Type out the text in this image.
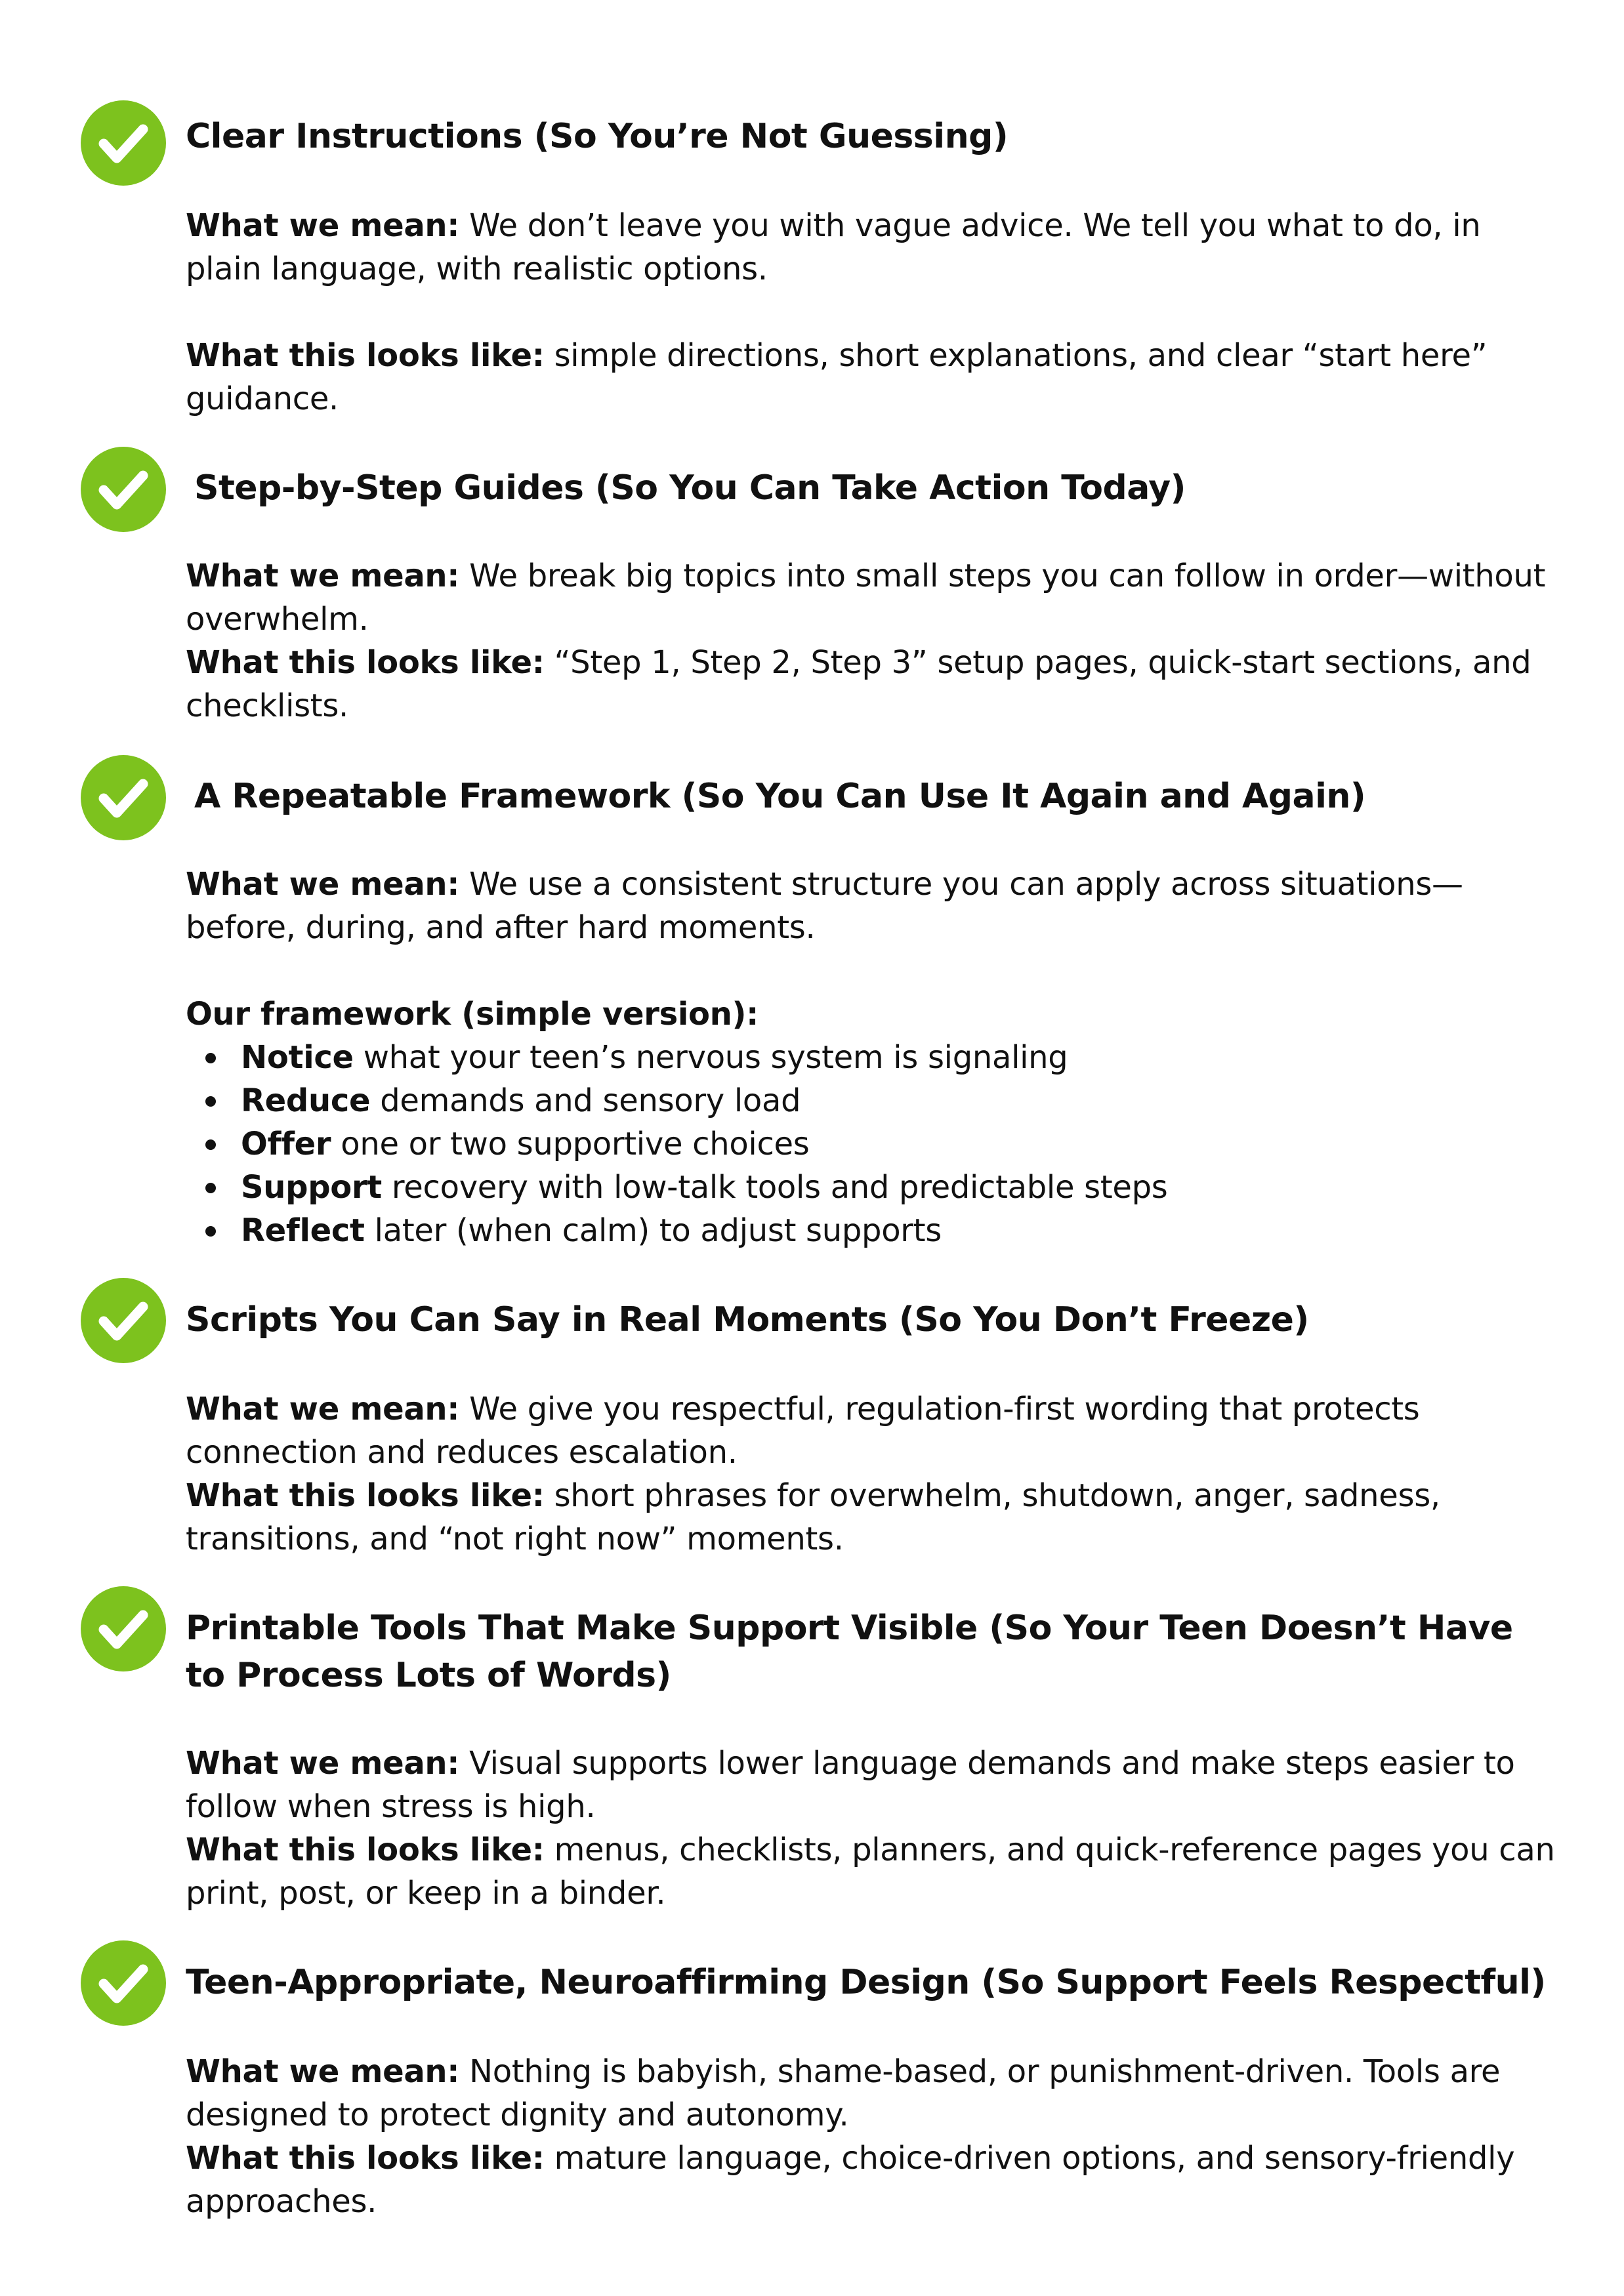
Clear Instructions (So You’re Not Guessing)

What we mean: We don’t leave you with vague advice. We tell you what to do, in plain language, with realistic options.

What this looks like: simple directions, short explanations, and clear “start here” guidance.

Step-by-Step Guides (So You Can Take Action Today)

What we mean: We break big topics into small steps you can follow in order—without overwhelm.

What this looks like: “Step 1, Step 2, Step 3” setup pages, quick-start sections, and checklists.

A Repeatable Framework (So You Can Use It Again and Again)

What we mean: We use a consistent structure you can apply across situations—before, during, and after hard moments.

Our framework (simple version):

Notice what your teen’s nervous system is signaling
Reduce demands and sensory load
Offer one or two supportive choices
Support recovery with low-talk tools and predictable steps
Reflect later (when calm) to adjust supports
Scripts You Can Say in Real Moments (So You Don’t Freeze)

What we mean: We give you respectful, regulation-first wording that protects connection and reduces escalation.

What this looks like: short phrases for overwhelm, shutdown, anger, sadness, transitions, and “not right now” moments.

Printable Tools That Make Support Visible (So Your Teen Doesn’t Have to Process Lots of Words)

What we mean: Visual supports lower language demands and make steps easier to follow when stress is high.

What this looks like: menus, checklists, planners, and quick-reference pages you can print, post, or keep in a binder.

Teen-Appropriate, Neuroaffirming Design (So Support Feels Respectful)

What we mean: Nothing is babyish, shame-based, or punishment-driven. Tools are designed to protect dignity and autonomy.

What this looks like: mature language, choice-driven options, and sensory-friendly approaches.
